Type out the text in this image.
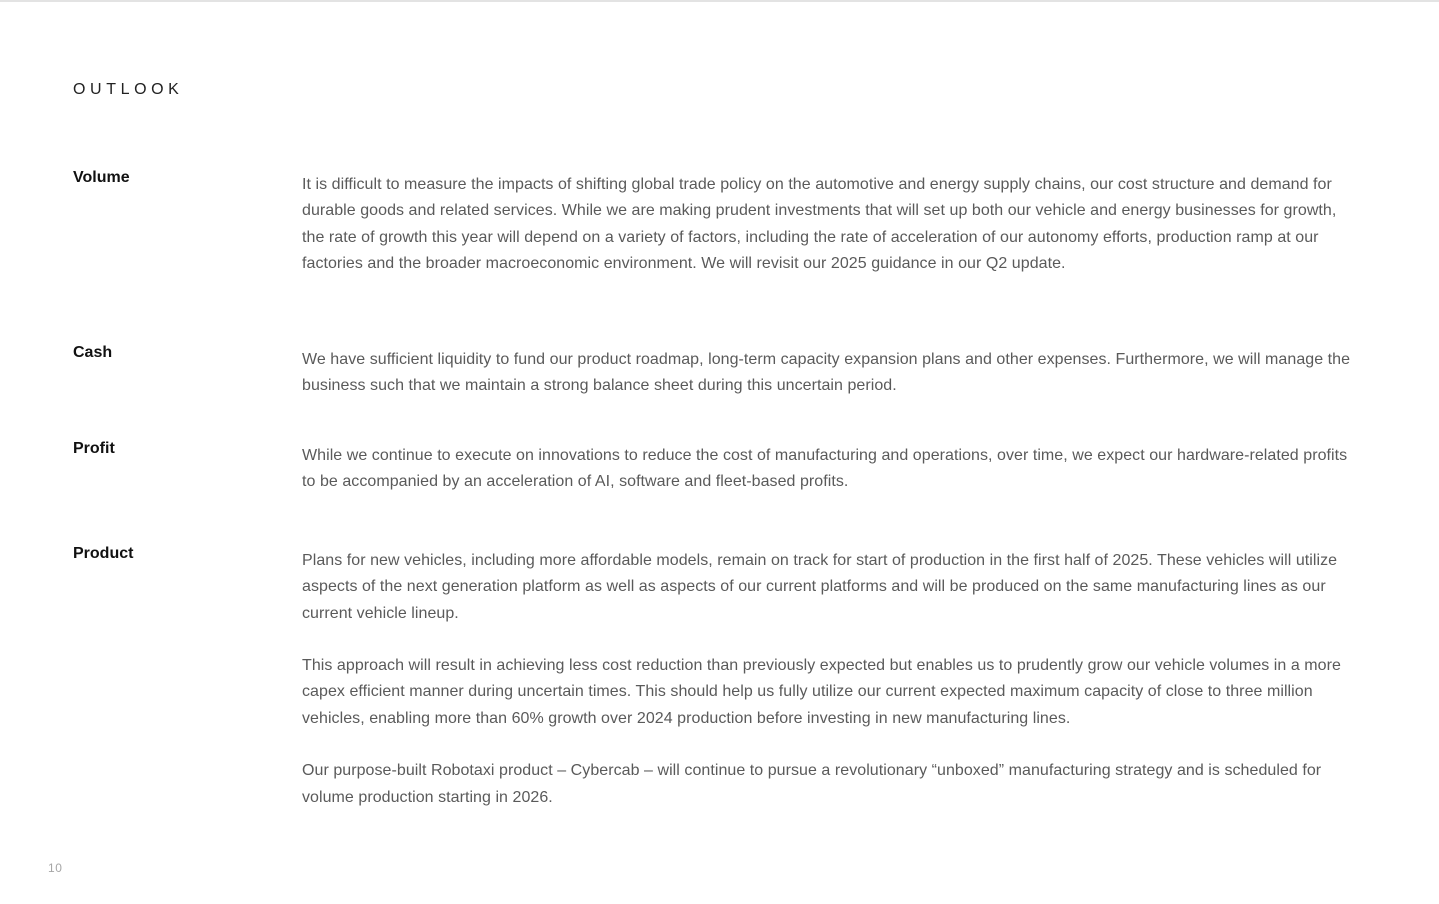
OUTLOOK
Volume	It is difficult to measure the impacts of shifting global trade policy on the automotive and energy supply chains, our cost structure and demand for durable goods and related services. While we are making prudent investments that will set up both our vehicle and energy businesses for growth, the rate of growth this year will depend on a variety of factors, including the rate of acceleration of our autonomy efforts, production ramp at our factories and the broader macroeconomic environment. We will revisit our 2025 guidance in our Q2 update.

Cash	We have sufficient liquidity to fund our product roadmap, long-term capacity expansion plans and other expenses. Furthermore, we will manage the business such that we maintain a strong balance sheet during this uncertain period.

Profit	While we continue to execute on innovations to reduce the cost of manufacturing and operations, over time, we expect our hardware-related profits to be accompanied by an acceleration of AI, software and fleet-based profits.

Product	Plans for new vehicles, including more affordable models, remain on track for start of production in the first half of 2025. These vehicles will utilize aspects of the next generation platform as well as aspects of our current platforms and will be produced on the same manufacturing lines as our current vehicle lineup.

This approach will result in achieving less cost reduction than previously expected but enables us to prudently grow our vehicle volumes in a more capex efficient manner during uncertain times. This should help us fully utilize our current expected maximum capacity of close to three million vehicles, enabling more than 60% growth over 2024 production before investing in new manufacturing lines.

Our purpose-built Robotaxi product – Cybercab – will continue to pursue a revolutionary “unboxed” manufacturing strategy and is scheduled for volume production starting in 2026.

10
